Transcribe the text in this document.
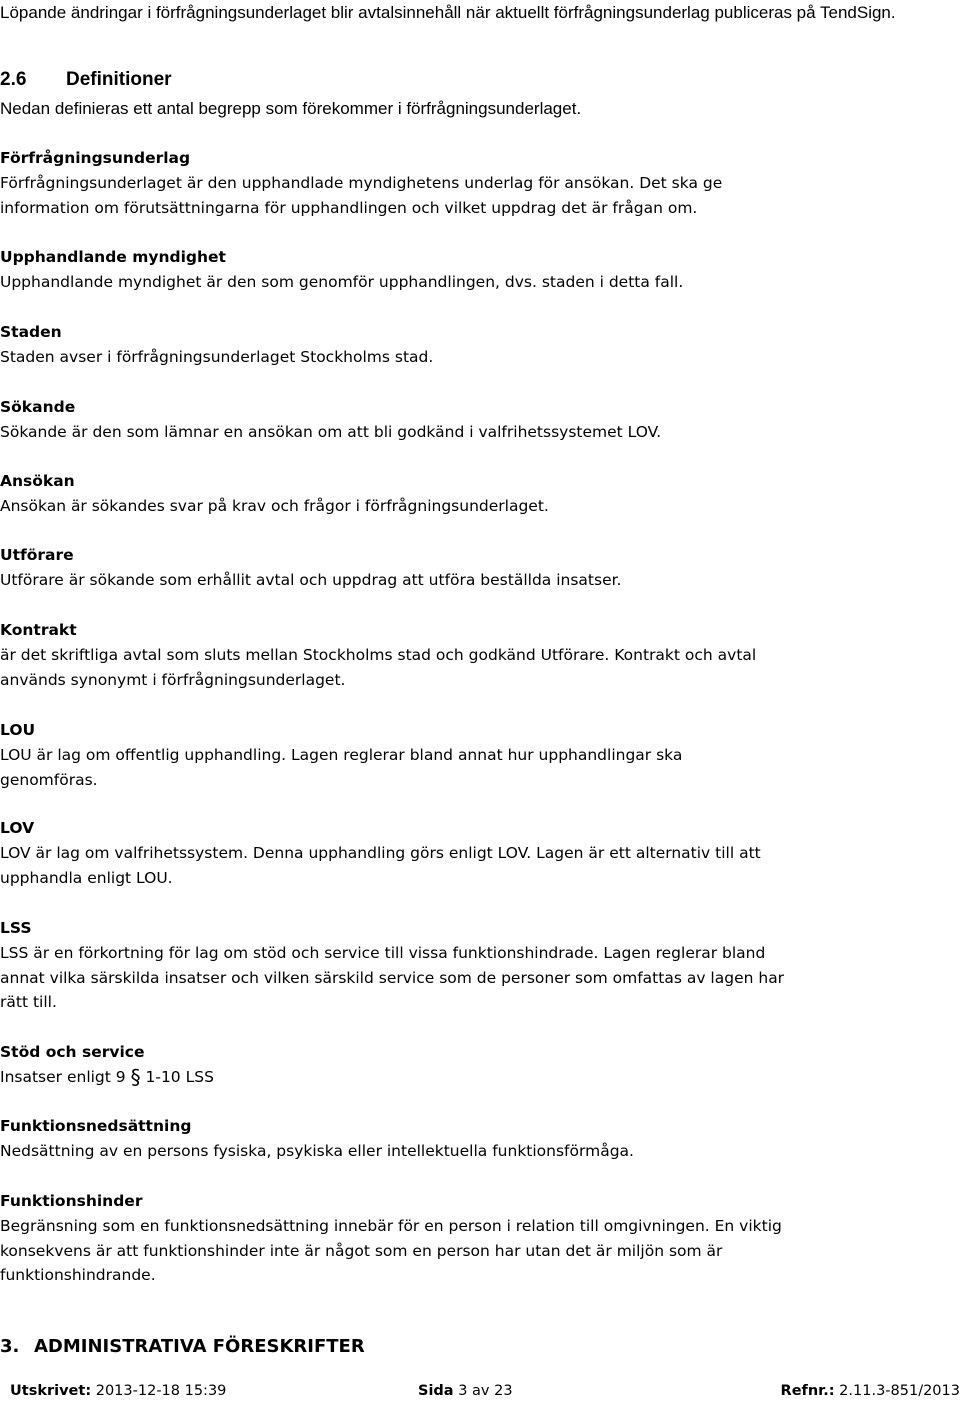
Löpande ändringar i förfrågningsunderlaget blir avtalsinnehåll när aktuellt förfrågningsunderlag publiceras på TendSign.
2.6 Definitioner
Nedan definieras ett antal begrepp som förekommer i förfrågningsunderlaget.
Förfrågningsunderlag
Förfrågningsunderlaget är den upphandlade myndighetens underlag för ansökan. Det ska ge information om förutsättningarna för upphandlingen och vilket uppdrag det är frågan om.
Upphandlande myndighet
Upphandlande myndighet är den som genomför upphandlingen, dvs. staden i detta fall.
Staden
Staden avser i förfrågningsunderlaget Stockholms stad.
Sökande
Sökande är den som lämnar en ansökan om att bli godkänd i valfrihetssystemet LOV.
Ansökan
Ansökan är sökandes svar på krav och frågor i förfrågningsunderlaget.
Utförare
Utförare är sökande som erhållit avtal och uppdrag att utföra beställda insatser.
Kontrakt
är det skriftliga avtal som sluts mellan Stockholms stad och godkänd Utförare. Kontrakt och avtal används synonymt i förfrågningsunderlaget.
LOU
LOU är lag om offentlig upphandling. Lagen reglerar bland annat hur upphandlingar ska genomföras.
LOV
LOV är lag om valfrihetssystem. Denna upphandling görs enligt LOV. Lagen är ett alternativ till att upphandla enligt LOU.
LSS
LSS är en förkortning för lag om stöd och service till vissa funktionshindrade. Lagen reglerar bland annat vilka särskilda insatser och vilken särskild service som de personer som omfattas av lagen har rätt till.
Stöd och service
Insatser enligt 9 § 1-10 LSS
Funktionsnedsättning
Nedsättning av en persons fysiska, psykiska eller intellektuella funktionsförmåga.
Funktionshinder
Begränsning som en funktionsnedsättning innebär för en person i relation till omgivningen. En viktig konsekvens är att funktionshinder inte är något som en person har utan det är miljön som är funktionshindrande.
3. ADMINISTRATIVA FÖRESKRIFTER
Utskrivet: 2013-12-18 15:39	Sida 3 av 23	Refnr.: 2.11.3-851/2013
